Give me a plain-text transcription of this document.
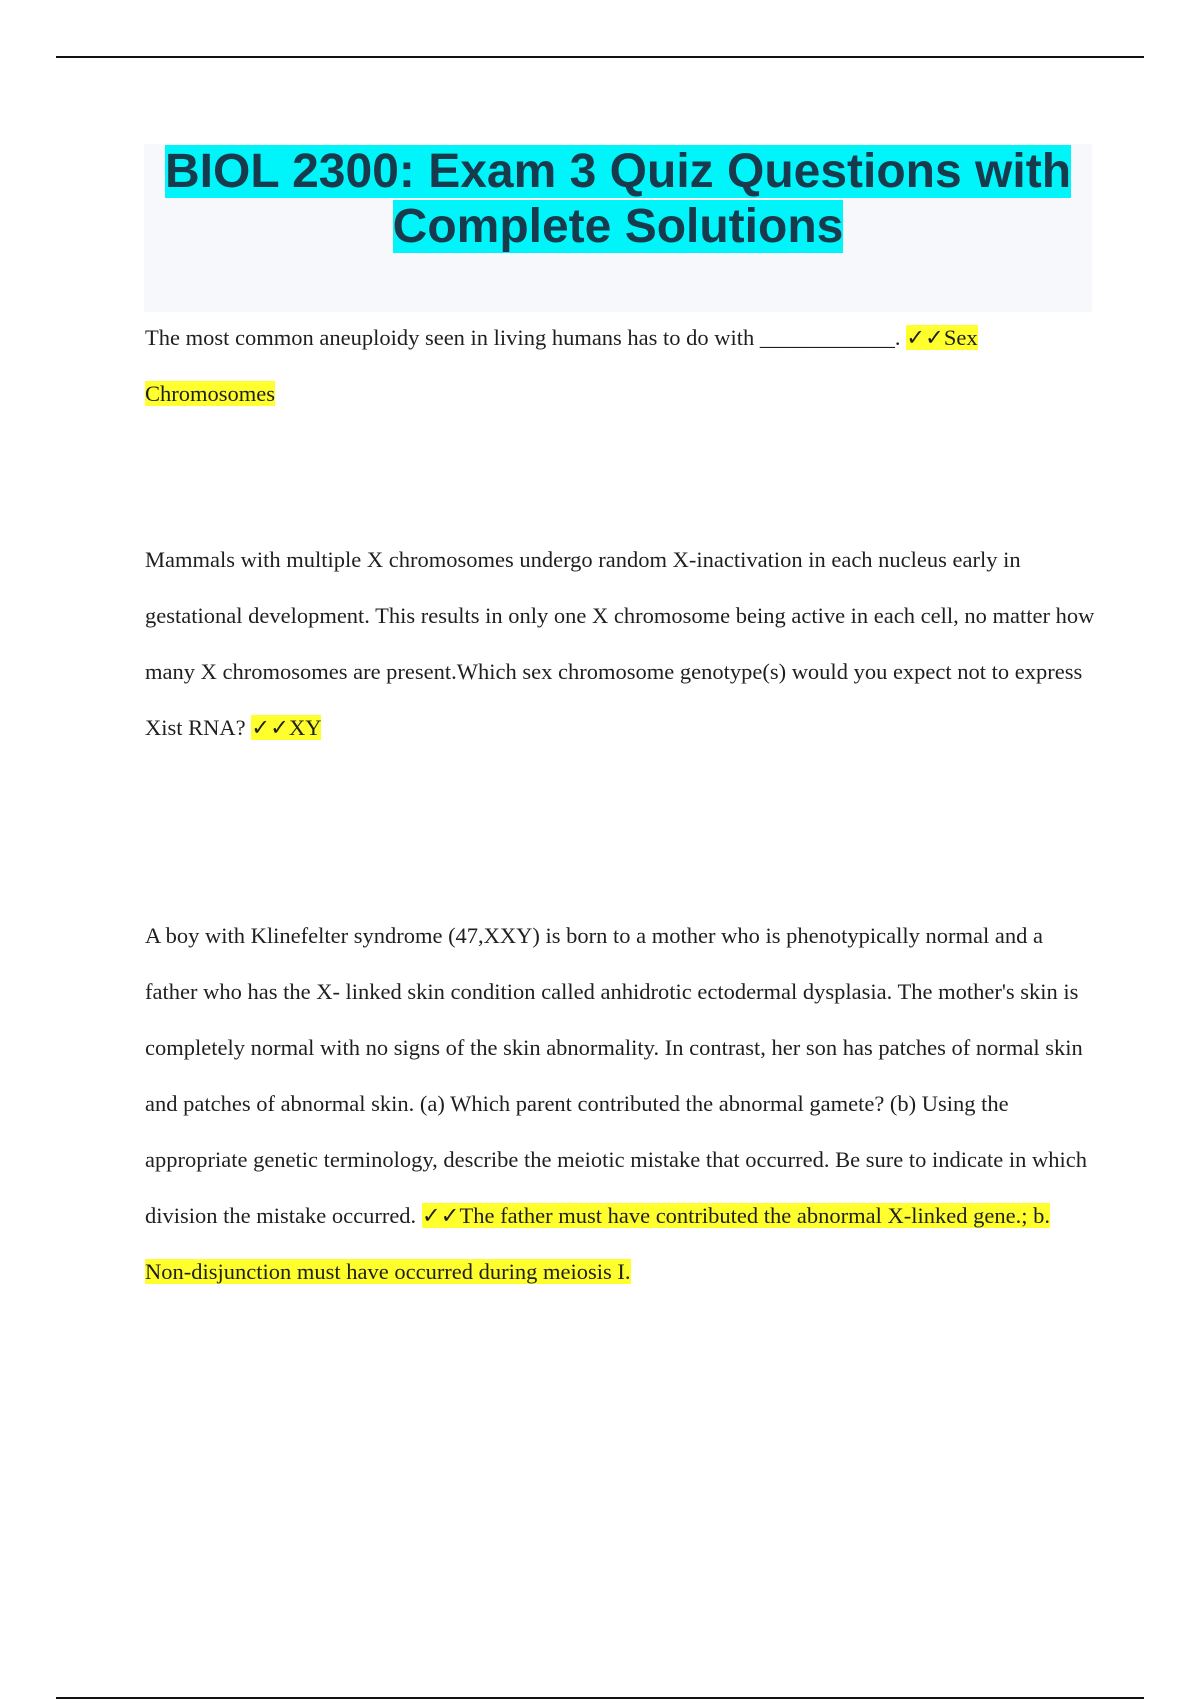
BIOL 2300: Exam 3 Quiz Questions with Complete Solutions

The most common aneuploidy seen in living humans has to do with ____________. ✓✓Sex Chromosomes

Mammals with multiple X chromosomes undergo random X-inactivation in each nucleus early in gestational development. This results in only one X chromosome being active in each cell, no matter how many X chromosomes are present.Which sex chromosome genotype(s) would you expect not to express Xist RNA? ✓✓XY

A boy with Klinefelter syndrome (47,XXY) is born to a mother who is phenotypically normal and a father who has the X- linked skin condition called anhidrotic ectodermal dysplasia. The mother's skin is completely normal with no signs of the skin abnormality. In contrast, her son has patches of normal skin and patches of abnormal skin. (a) Which parent contributed the abnormal gamete? (b) Using the appropriate genetic terminology, describe the meiotic mistake that occurred. Be sure to indicate in which division the mistake occurred. ✓✓The father must have contributed the abnormal X-linked gene.; b. Non-disjunction must have occurred during meiosis I.
